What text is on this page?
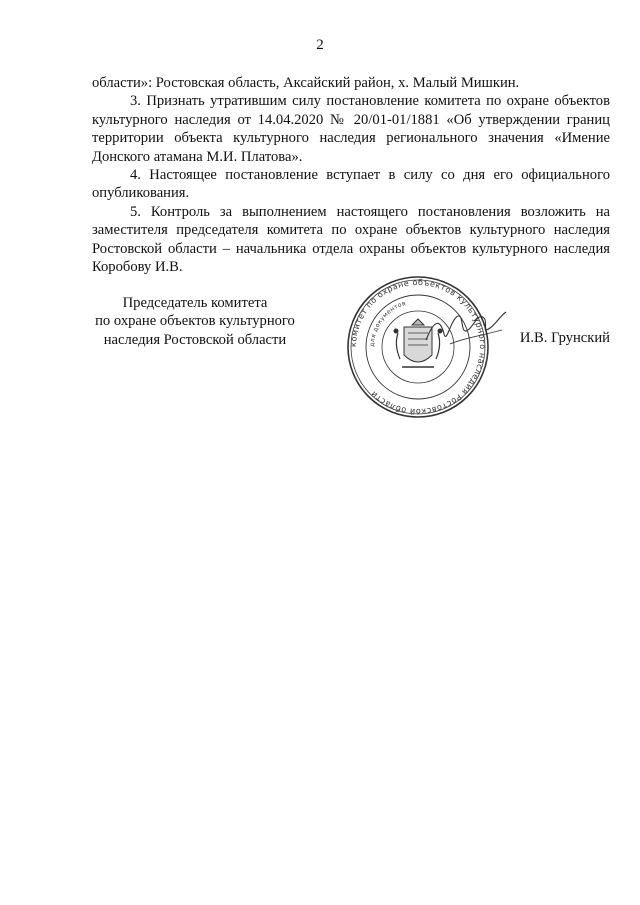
2

области»: Ростовская область, Аксайский район, х. Малый Мишкин.

3. Признать утратившим силу постановление комитета по охране объектов культурного наследия от 14.04.2020 № 20/01-01/1881 «Об утверждении границ территории объекта культурного наследия регионального значения «Имение Донского атамана М.И. Платова».

4. Настоящее постановление вступает в силу со дня его официального опубликования.

5. Контроль за выполнением настоящего постановления возложить на заместителя председателя комитета по охране объектов культурного наследия Ростовской области – начальника отдела охраны объектов культурного наследия Коробову И.В.

Председатель комитета
по охране объектов культурного
наследия Ростовской области	комитет по охране объектов культурного наследия Ростовской области
для документов
И.В. Грунский
